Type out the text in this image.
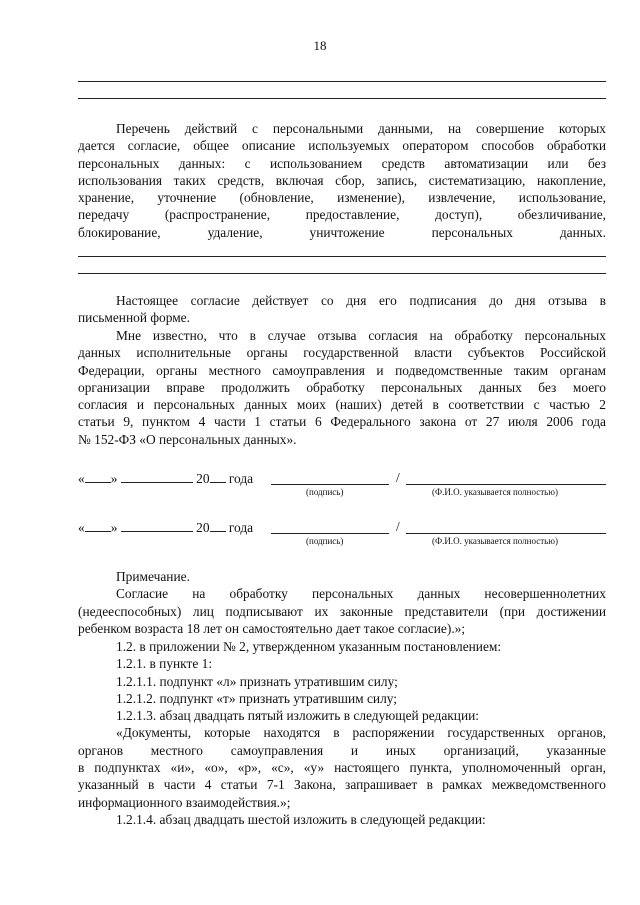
18
Перечень действий с персональными данными, на совершение которых
дается согласие, общее описание используемых оператором способов обработки
персональных данных: с использованием средств автоматизации или без
использования таких средств, включая сбор, запись, систематизацию, накопление,
хранение, уточнение (обновление, изменение), извлечение, использование,
передачу (распространение, предоставление, доступ), обезличивание,
блокирование, удаление, уничтожение персональных данных.
Настоящее согласие действует со дня его подписания до дня отзыва в
письменной форме.
Мне известно, что в случае отзыва согласия на обработку персональных
данных исполнительные органы государственной власти субъектов Российской
Федерации, органы местного самоуправления и подведомственные таким органам
организации вправе продолжить обработку персональных данных без моего
согласия и персональных данных моих (наших) детей в соответствии с частью 2
статьи 9, пунктом 4 части 1 статьи 6 Федерального закона от 27 июля 2006 года
№ 152-ФЗ «О персональных данных».
« »	20 года	/
(подпись)	(Ф.И.О. указывается полностью)
« »	20 года	/
(подпись)	(Ф.И.О. указывается полностью)
Примечание.
Согласие на обработку персональных данных несовершеннолетних
(недееспособных) лиц подписывают их законные представители (при достижении
ребенком возраста 18 лет он самостоятельно дает такое согласие).»;
1.2. в приложении № 2, утвержденном указанным постановлением:
1.2.1. в пункте 1:
1.2.1.1. подпункт «л» признать утратившим силу;
1.2.1.2. подпункт «т» признать утратившим силу;
1.2.1.3. абзац двадцать пятый изложить в следующей редакции:
«Документы, которые находятся в распоряжении государственных органов,
органов местного самоуправления и иных организаций, указанные
в подпунктах «и», «о», «р», «с», «у» настоящего пункта, уполномоченный орган,
указанный в части 4 статьи 7-1 Закона, запрашивает в рамках межведомственного
информационного взаимодействия.»;
1.2.1.4. абзац двадцать шестой изложить в следующей редакции:
